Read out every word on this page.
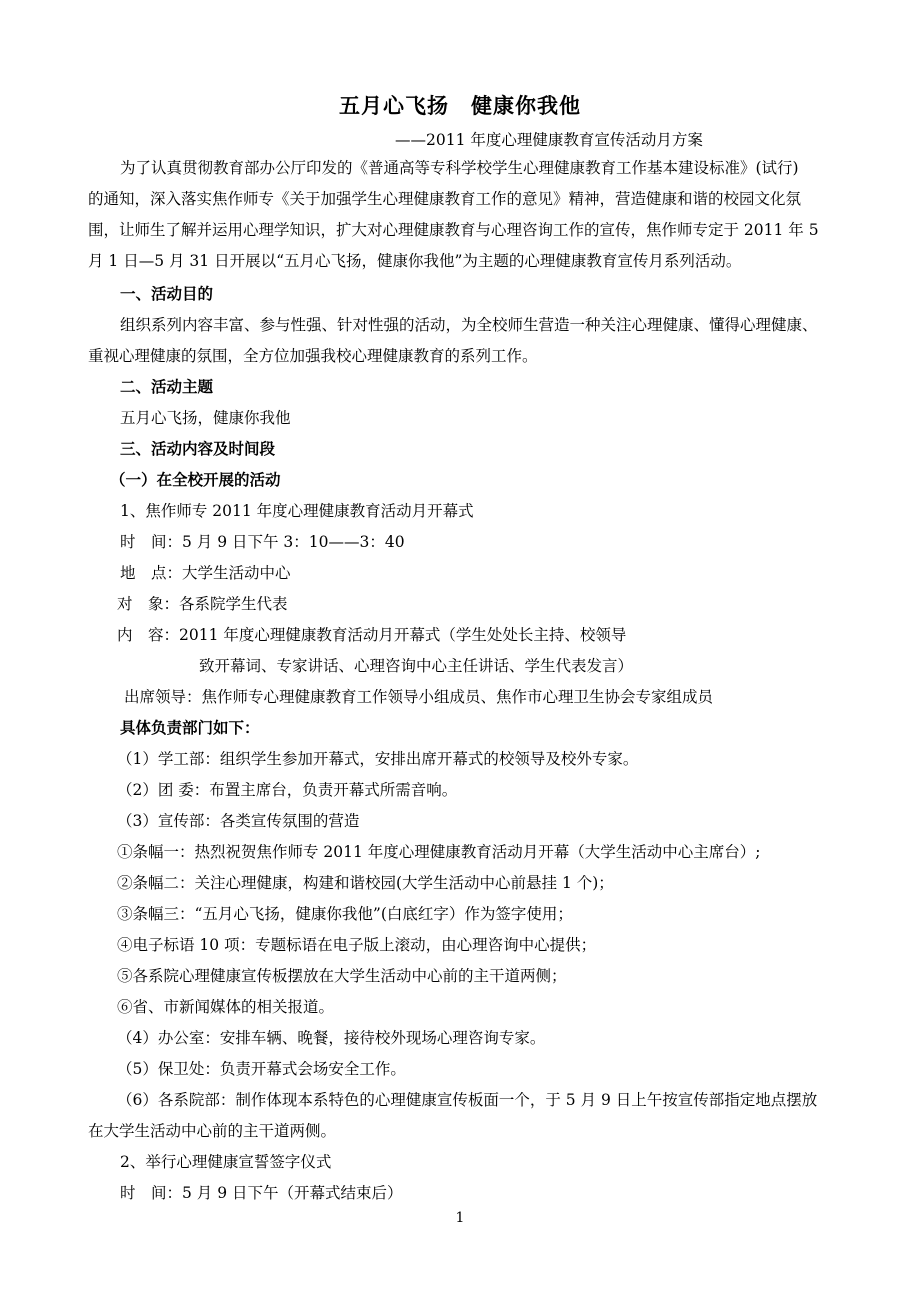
五月心飞扬　健康你我他
——2011 年度心理健康教育宣传活动月方案
为了认真贯彻教育部办公厅印发的《普通高等专科学校学生心理健康教育工作基本建设标准》(试行)
的通知，深入落实焦作师专《关于加强学生心理健康教育工作的意见》精神，营造健康和谐的校园文化氛
围，让师生了解并运用心理学知识，扩大对心理健康教育与心理咨询工作的宣传，焦作师专定于 2011 年 5
月 1 日—5 月 31 日开展以“五月心飞扬，健康你我他”为主题的心理健康教育宣传月系列活动。
一、活动目的
组织系列内容丰富、参与性强、针对性强的活动，为全校师生营造一种关注心理健康、懂得心理健康、
重视心理健康的氛围，全方位加强我校心理健康教育的系列工作。
二、活动主题
五月心飞扬，健康你我他
三、活动内容及时间段
（一）在全校开展的活动
1、焦作师专 2011 年度心理健康教育活动月开幕式
时　间：5 月 9 日下午 3：10——3：40
地　点：大学生活动中心
对　象：各系院学生代表
内　容：2011 年度心理健康教育活动月开幕式（学生处处长主持、校领导
致开幕词、专家讲话、心理咨询中心主任讲话、学生代表发言）
出席领导：焦作师专心理健康教育工作领导小组成员、焦作市心理卫生协会专家组成员
具体负责部门如下：
（1）学工部：组织学生参加开幕式，安排出席开幕式的校领导及校外专家。
（2）团 委：布置主席台，负责开幕式所需音响。
（3）宣传部：各类宣传氛围的营造
①条幅一：热烈祝贺焦作师专 2011 年度心理健康教育活动月开幕（大学生活动中心主席台）;
②条幅二：关注心理健康，构建和谐校园(大学生活动中心前悬挂 1 个)；
③条幅三：“五月心飞扬，健康你我他”(白底红字）作为签字使用；
④电子标语 10 项：专题标语在电子版上滚动，由心理咨询中心提供；
⑤各系院心理健康宣传板摆放在大学生活动中心前的主干道两侧；
⑥省、市新闻媒体的相关报道。
（4）办公室：安排车辆、晚餐，接待校外现场心理咨询专家。
（5）保卫处：负责开幕式会场安全工作。
（6）各系院部：制作体现本系特色的心理健康宣传板面一个，于 5 月 9 日上午按宣传部指定地点摆放
在大学生活动中心前的主干道两侧。
2、举行心理健康宣誓签字仪式
时　间：5 月 9 日下午（开幕式结束后）
1
